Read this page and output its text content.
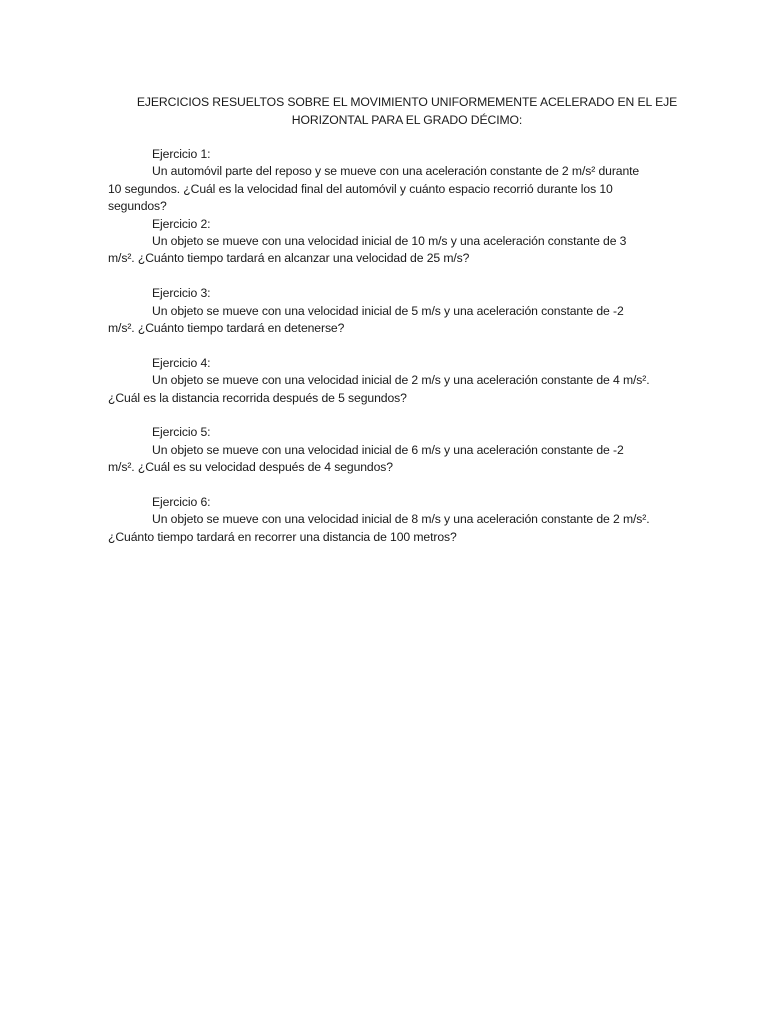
EJERCICIOS RESUELTOS SOBRE EL MOVIMIENTO UNIFORMEMENTE ACELERADO EN EL EJE
HORIZONTAL PARA EL GRADO DÉCIMO:
Ejercicio 1:

Un automóvil parte del reposo y se mueve con una aceleración constante de 2 m/s² durante 10 segundos. ¿Cuál es la velocidad final del automóvil y cuánto espacio recorrió durante los 10 segundos?

Ejercicio 2:

Un objeto se mueve con una velocidad inicial de 10 m/s y una aceleración constante de 3 m/s². ¿Cuánto tiempo tardará en alcanzar una velocidad de 25 m/s?

Ejercicio 3:

Un objeto se mueve con una velocidad inicial de 5 m/s y una aceleración constante de -2 m/s². ¿Cuánto tiempo tardará en detenerse?

Ejercicio 4:

Un objeto se mueve con una velocidad inicial de 2 m/s y una aceleración constante de 4 m/s². ¿Cuál es la distancia recorrida después de 5 segundos?

Ejercicio 5:

Un objeto se mueve con una velocidad inicial de 6 m/s y una aceleración constante de -2 m/s². ¿Cuál es su velocidad después de 4 segundos?

Ejercicio 6:

Un objeto se mueve con una velocidad inicial de 8 m/s y una aceleración constante de 2 m/s². ¿Cuánto tiempo tardará en recorrer una distancia de 100 metros?
